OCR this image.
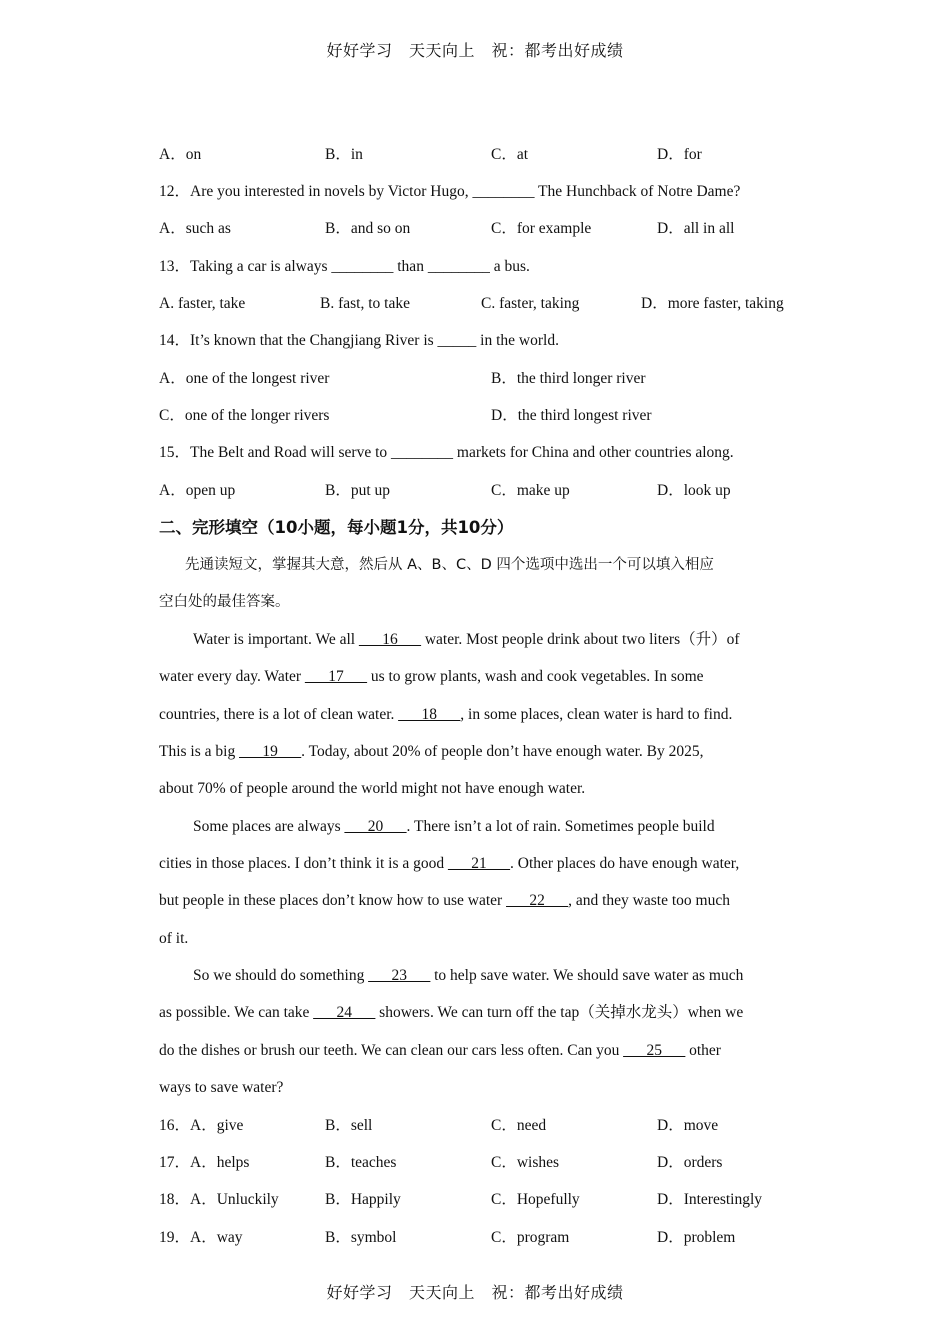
好好学习　天天向上　祝：都考出好成绩
A．on	B．in	C．at	D．for
12．Are you interested in novels by Victor Hugo, ________ The Hunchback of Notre Dame?
A．such as	B．and so on	C．for example	D．all in all
13．Taking a car is always ________ than ________ a bus.
A. faster, take	B. fast, to take	C. faster, taking	D．more faster, taking
14．It’s known that the Changjiang River is _____ in the world.
A．one of the longest river	B．the third longer river
C．one of the longer rivers	D．the third longest river
15．The Belt and Road will serve to ________ markets for China and other countries along.
A．open up	B．put up	C．make up	D．look up
二、完形填空（10小题，每小题1分，共10分）
先通读短文，掌握其大意，然后从 A、B、C、D 四个选项中选出一个可以填入相应
空白处的最佳答案。
Water is important. We all ___16___ water. Most people drink about two liters（升）of
water every day. Water ___17___ us to grow plants, wash and cook vegetables. In some
countries, there is a lot of clean water. ___18___, in some places, clean water is hard to find.
This is a big ___19___. Today, about 20% of people don’t have enough water. By 2025,
about 70% of people around the world might not have enough water.
Some places are always ___20___. There isn’t a lot of rain. Sometimes people build
cities in those places. I don’t think it is a good ___21___. Other places do have enough water,
but people in these places don’t know how to use water ___22___, and they waste too much
of it.
So we should do something ___23___ to help save water. We should save water as much
as possible. We can take ___24___ showers. We can turn off the tap（关掉水龙头）when we
do the dishes or brush our teeth. We can clean our cars less often. Can you ___25___ other
ways to save water?
16．A．give	B．sell	C．need	D．move
17．A．helps	B．teaches	C．wishes	D．orders
18．A．Unluckily	B．Happily	C．Hopefully	D．Interestingly
19．A．way	B．symbol	C．program	D．problem
好好学习　天天向上　祝：都考出好成绩
